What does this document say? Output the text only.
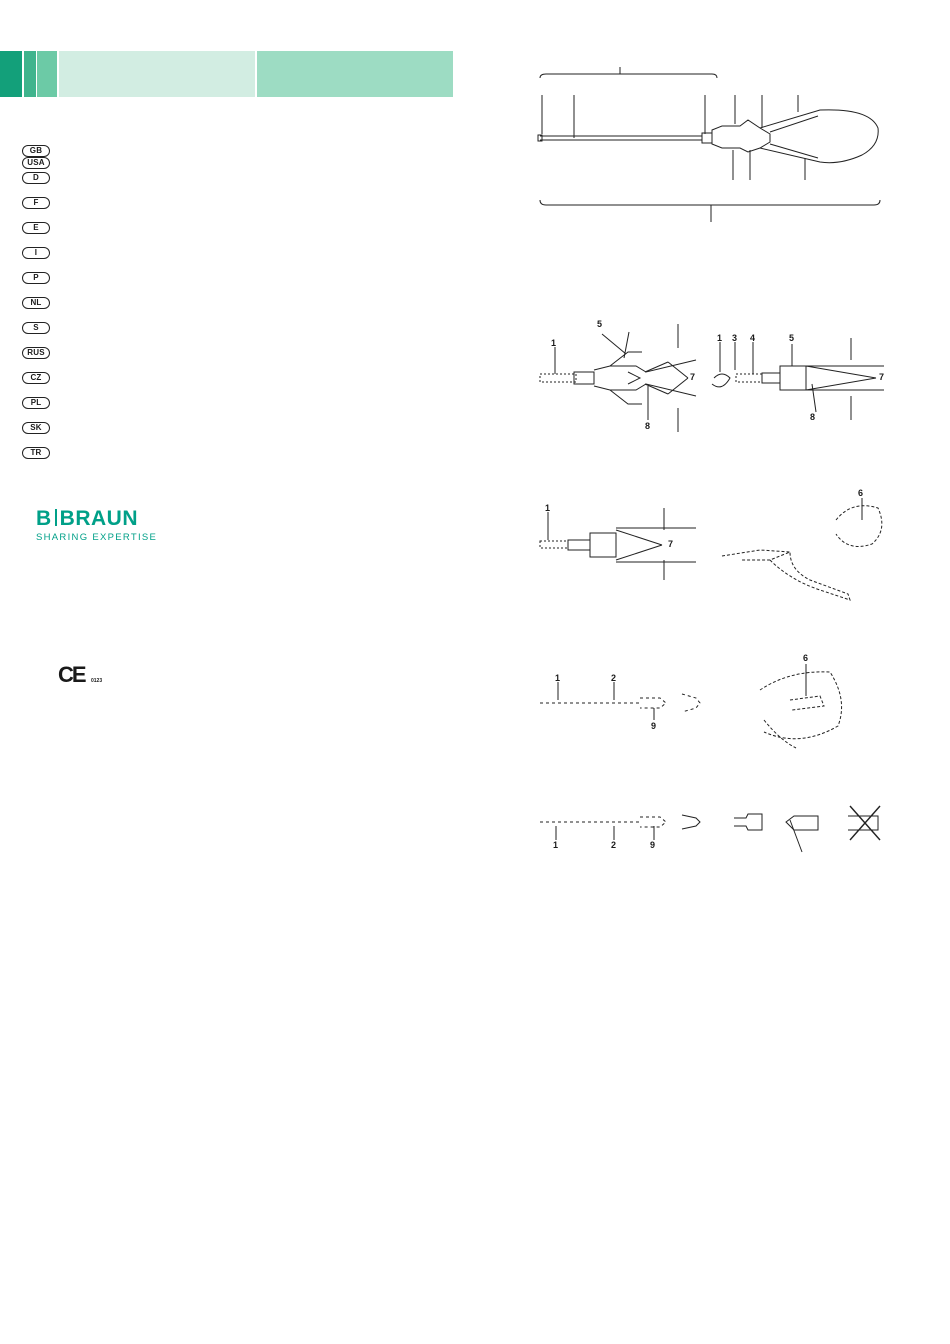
GB
USA
D
F
E
I
P
NL
S
RUS
CZ
PL
SK
TR
B BRAUN
SHARING EXPERTISE
CE 0123
5
1
8
7
1 3 4	5
7
8
1
7
6
1	2
9
6
1	2	9
